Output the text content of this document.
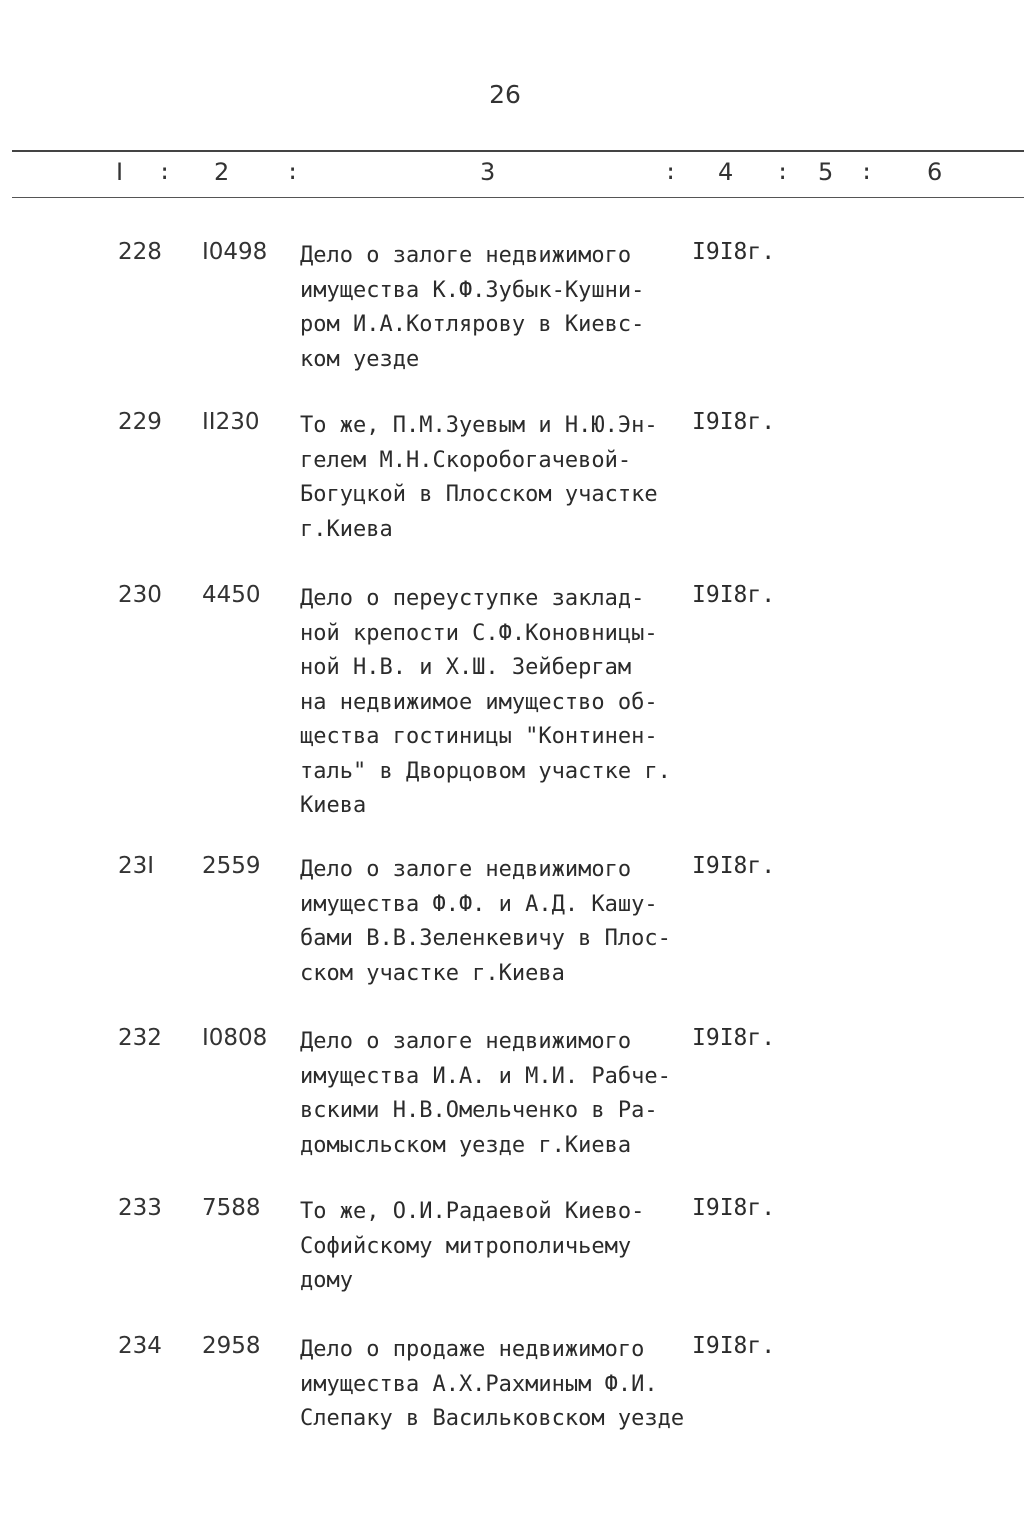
26
I : 2	:	3	: 4 : 5 : 6
228 I0498 Дело о залоге недвижимого
имущества К.Ф.Зубык-Кушни-
ром И.А.Котлярову в Киевс-
ком уезде
I9I8г.
229 II230 То же, П.М.Зуевым и Н.Ю.Эн-
гелем М.Н.Скоробогачевой-
Богуцкой в Плосском участке
г.Киева
I9I8г.
230 4450 Дело о переуступке заклад-
ной крепости С.Ф.Коновницы-
ной Н.В. и Х.Ш. Зейбергам
на недвижимое имущество об-
щества гостиницы "Континен-
таль" в Дворцовом участке г.
Киева
I9I8г.
23I 2559 Дело о залоге недвижимого
имущества Ф.Ф. и А.Д. Кашу-
бами В.В.Зеленкевичу в Плос-
ском участке г.Киева
I9I8г.
232 I0808 Дело о залоге недвижимого
имущества И.А. и М.И. Рабче-
вскими Н.В.Омельченко в Ра-
домысльском уезде г.Киева
I9I8г.
233 7588 То же, О.И.Радаевой Киево-
Софийскому митрополичьему
дому
I9I8г.
234 2958 Дело о продаже недвижимого
имущества А.Х.Рахминым Ф.И.
Слепаку в Васильковском уезде
I9I8г.
